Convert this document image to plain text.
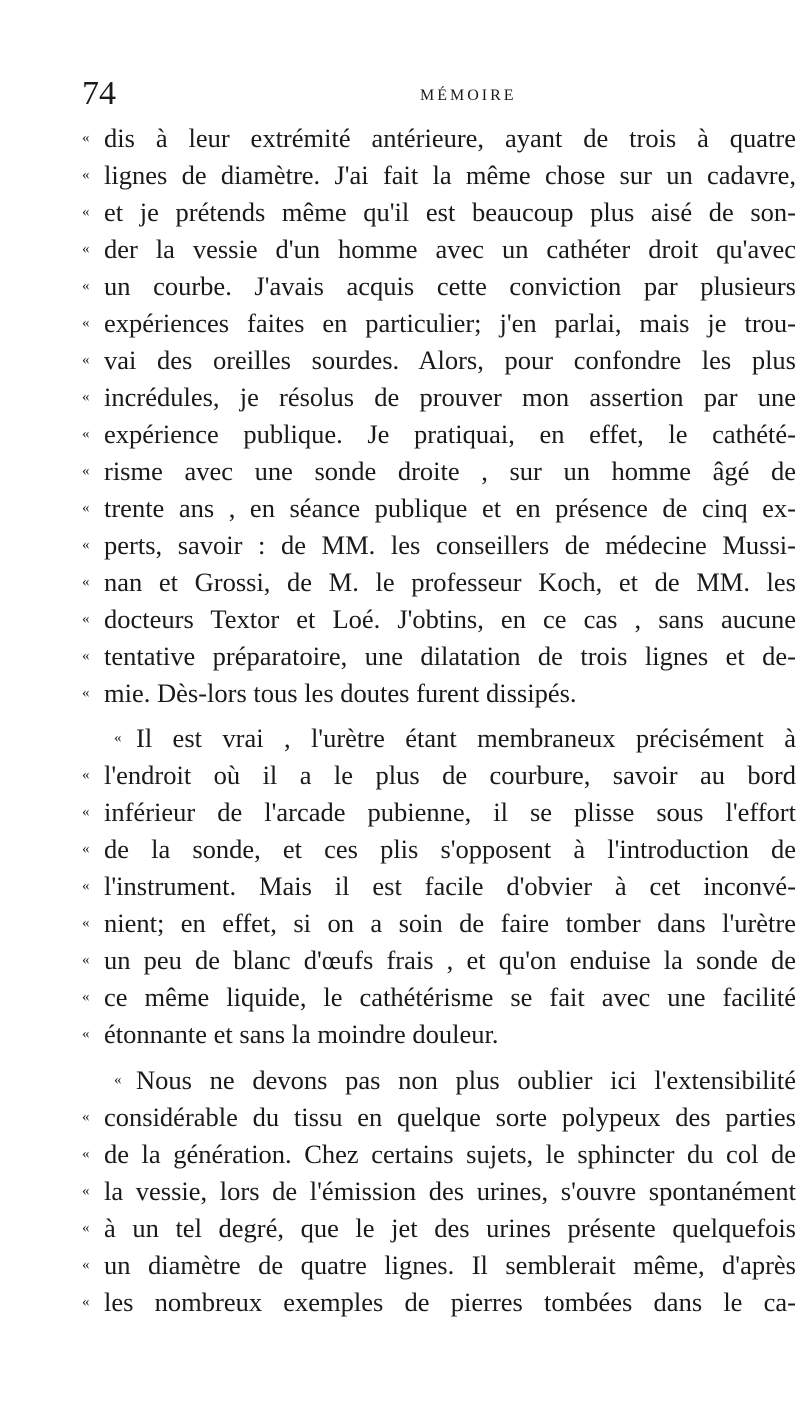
74	MÉMOIRE
« dis à leur extrémité antérieure, ayant de trois à quatre
« lignes de diamètre. J'ai fait la même chose sur un cadavre,
« et je prétends même qu'il est beaucoup plus aisé de son-
« der la vessie d'un homme avec un cathéter droit qu'avec
« un courbe. J'avais acquis cette conviction par plusieurs
« expériences faites en particulier; j'en parlai, mais je trou-
« vai des oreilles sourdes. Alors, pour confondre les plus
« incrédules, je résolus de prouver mon assertion par une
« expérience publique. Je pratiquai, en effet, le cathété-
« risme avec une sonde droite , sur un homme âgé de
« trente ans , en séance publique et en présence de cinq ex-
« perts, savoir : de MM. les conseillers de médecine Mussi-
« nan et Grossi, de M. le professeur Koch, et de MM. les
« docteurs Textor et Loé. J'obtins, en ce cas , sans aucune
« tentative préparatoire, une dilatation de trois lignes et de-
« mie. Dès-lors tous les doutes furent dissipés.
« Il est vrai , l'urètre étant membraneux précisément à
« l'endroit où il a le plus de courbure, savoir au bord
« inférieur de l'arcade pubienne, il se plisse sous l'effort
« de la sonde, et ces plis s'opposent à l'introduction de
« l'instrument. Mais il est facile d'obvier à cet inconvé-
« nient; en effet, si on a soin de faire tomber dans l'urètre
« un peu de blanc d'œufs frais , et qu'on enduise la sonde de
« ce même liquide, le cathétérisme se fait avec une facilité
« étonnante et sans la moindre douleur.
« Nous ne devons pas non plus oublier ici l'extensibilité
« considérable du tissu en quelque sorte polypeux des parties
« de la génération. Chez certains sujets, le sphincter du col de
« la vessie, lors de l'émission des urines, s'ouvre spontanément
« à un tel degré, que le jet des urines présente quelquefois
« un diamètre de quatre lignes. Il semblerait même, d'après
« les nombreux exemples de pierres tombées dans le ca-
